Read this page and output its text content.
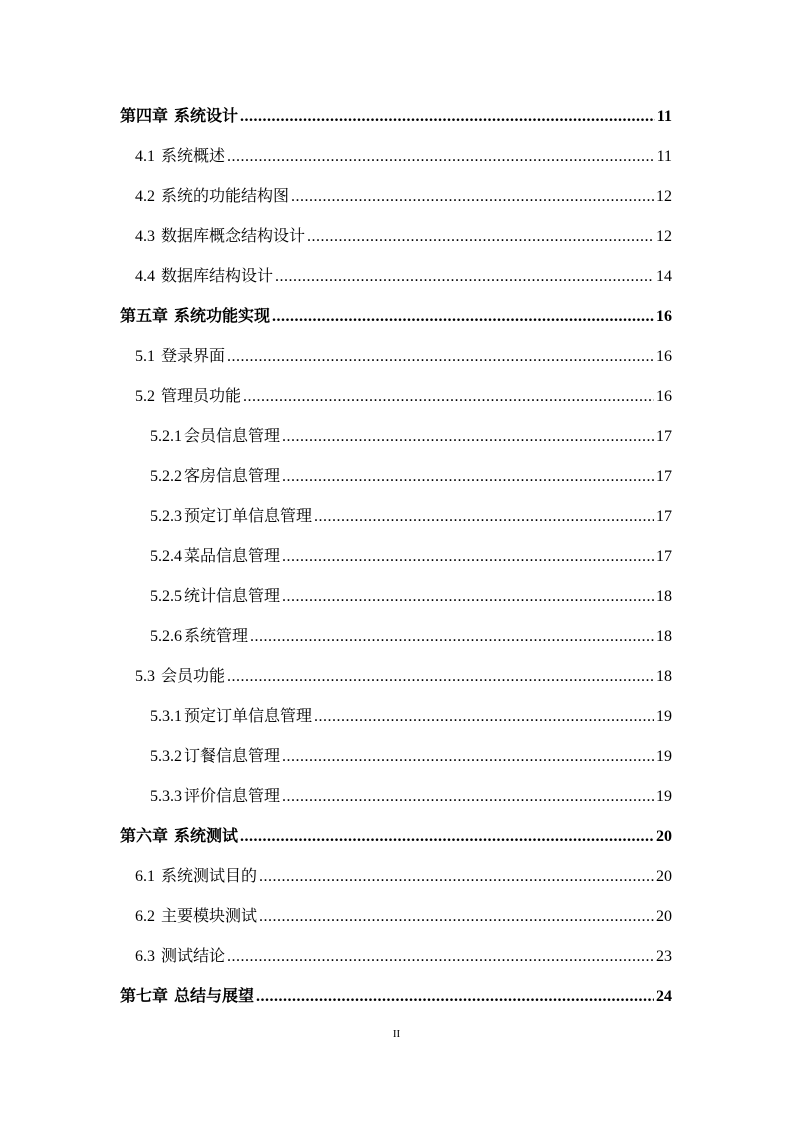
第四章 系统设计 .....	11
4.1 系统概述 .....	11
4.2 系统的功能结构图 .....	12
4.3 数据库概念结构设计 .....	12
4.4 数据库结构设计 .....	14
第五章 系统功能实现 .....	16
5.1 登录界面 .....	16
5.2 管理员功能 .....	16
5.2.1 会员信息管理 .....	17
5.2.2 客房信息管理 .....	17
5.2.3 预定订单信息管理 .....	17
5.2.4 菜品信息管理 .....	17
5.2.5 统计信息管理 .....	18
5.2.6 系统管理 .....	18
5.3 会员功能 .....	18
5.3.1 预定订单信息管理 .....	19
5.3.2 订餐信息管理 .....	19
5.3.3 评价信息管理 .....	19
第六章 系统测试 .....	20
6.1 系统测试目的 .....	20
6.2 主要模块测试 .....	20
6.3 测试结论 .....	23
第七章 总结与展望 .....	24
II
